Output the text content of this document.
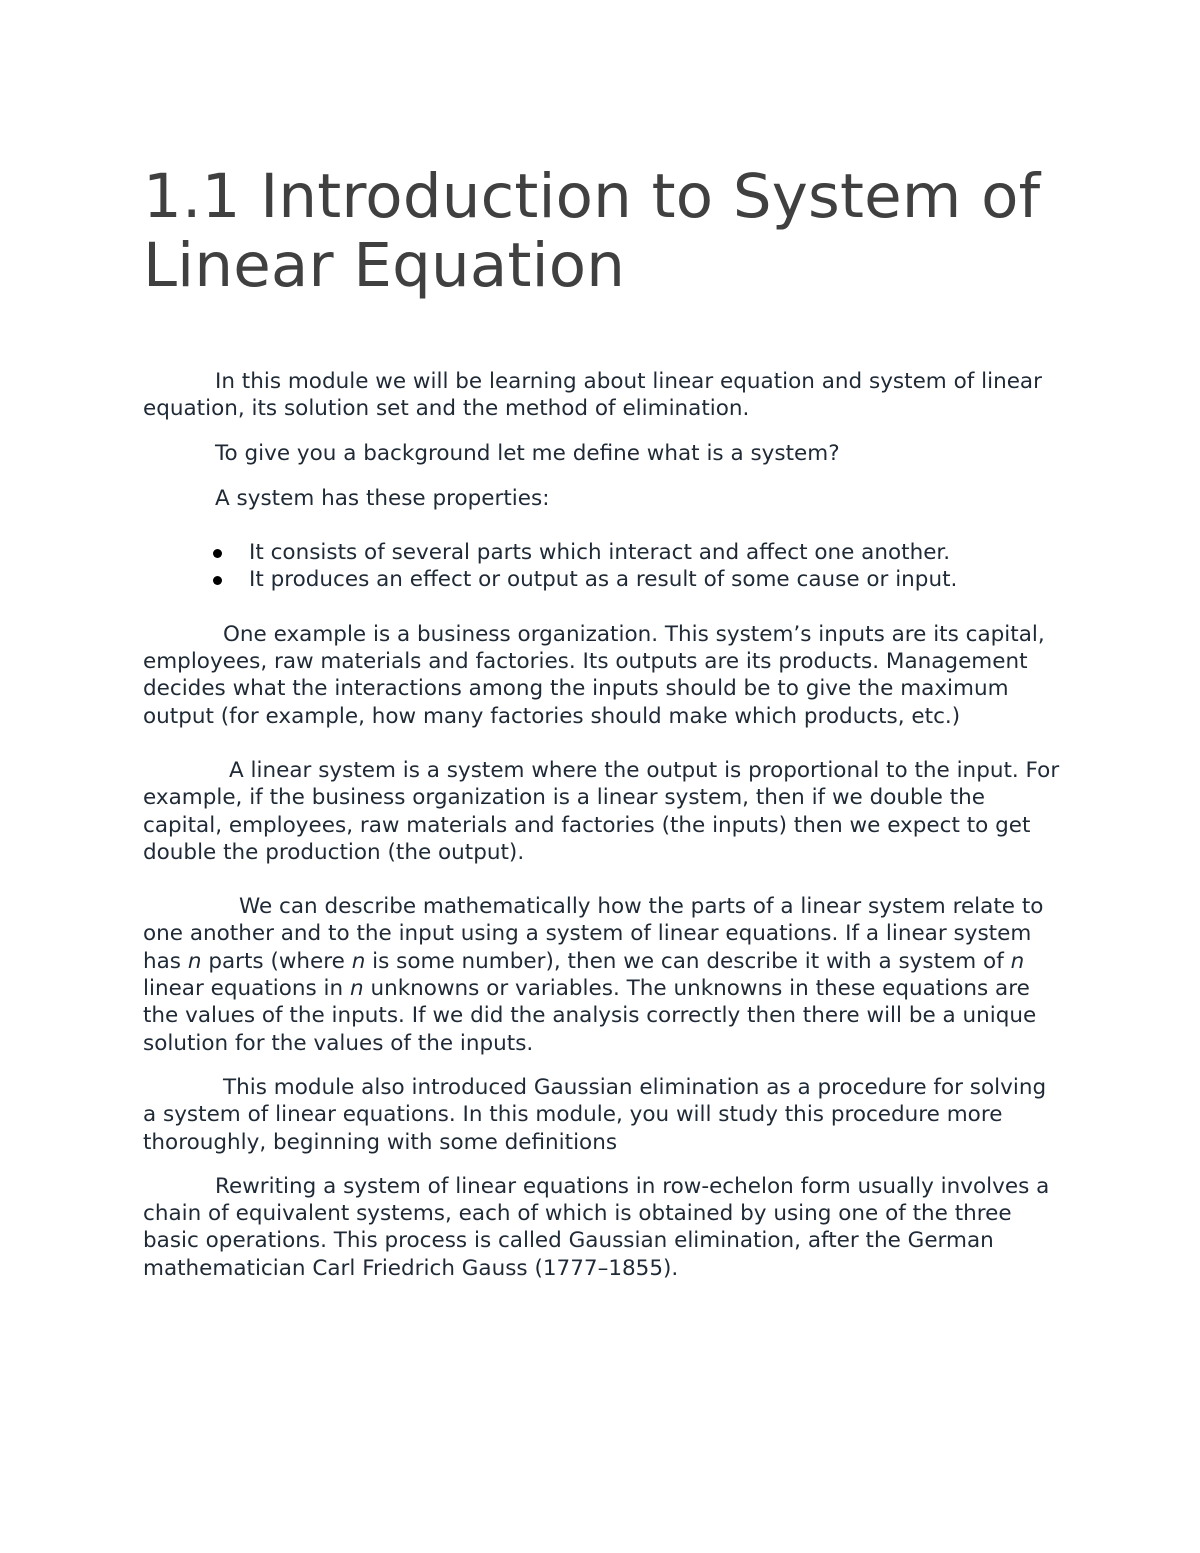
1.1 Introduction to System of Linear Equation

In this module we will be learning about linear equation and system of linear equation, its solution set and the method of elimination.

To give you a background let me define what is a system?

A system has these properties:

It consists of several parts which interact and affect one another.
It produces an effect or output as a result of some cause or input.

One example is a business organization. This system’s inputs are its capital, employees, raw materials and factories. Its outputs are its products. Management decides what the interactions among the inputs should be to give the maximum output (for example, how many factories should make which products, etc.)

A linear system is a system where the output is proportional to the input. For example, if the business organization is a linear system, then if we double the capital, employees, raw materials and factories (the inputs) then we expect to get double the production (the output).

We can describe mathematically how the parts of a linear system relate to one another and to the input using a system of linear equations. If a linear system has n parts (where n is some number), then we can describe it with a system of n linear equations in n unknowns or variables. The unknowns in these equations are the values of the inputs. If we did the analysis correctly then there will be a unique solution for the values of the inputs.

This module also introduced Gaussian elimination as a procedure for solving a system of linear equations. In this module, you will study this procedure more thoroughly, beginning with some definitions

Rewriting a system of linear equations in row-echelon form usually involves a chain of equivalent systems, each of which is obtained by using one of the three basic operations. This process is called Gaussian elimination, after the German mathematician Carl Friedrich Gauss (1777–1855).
